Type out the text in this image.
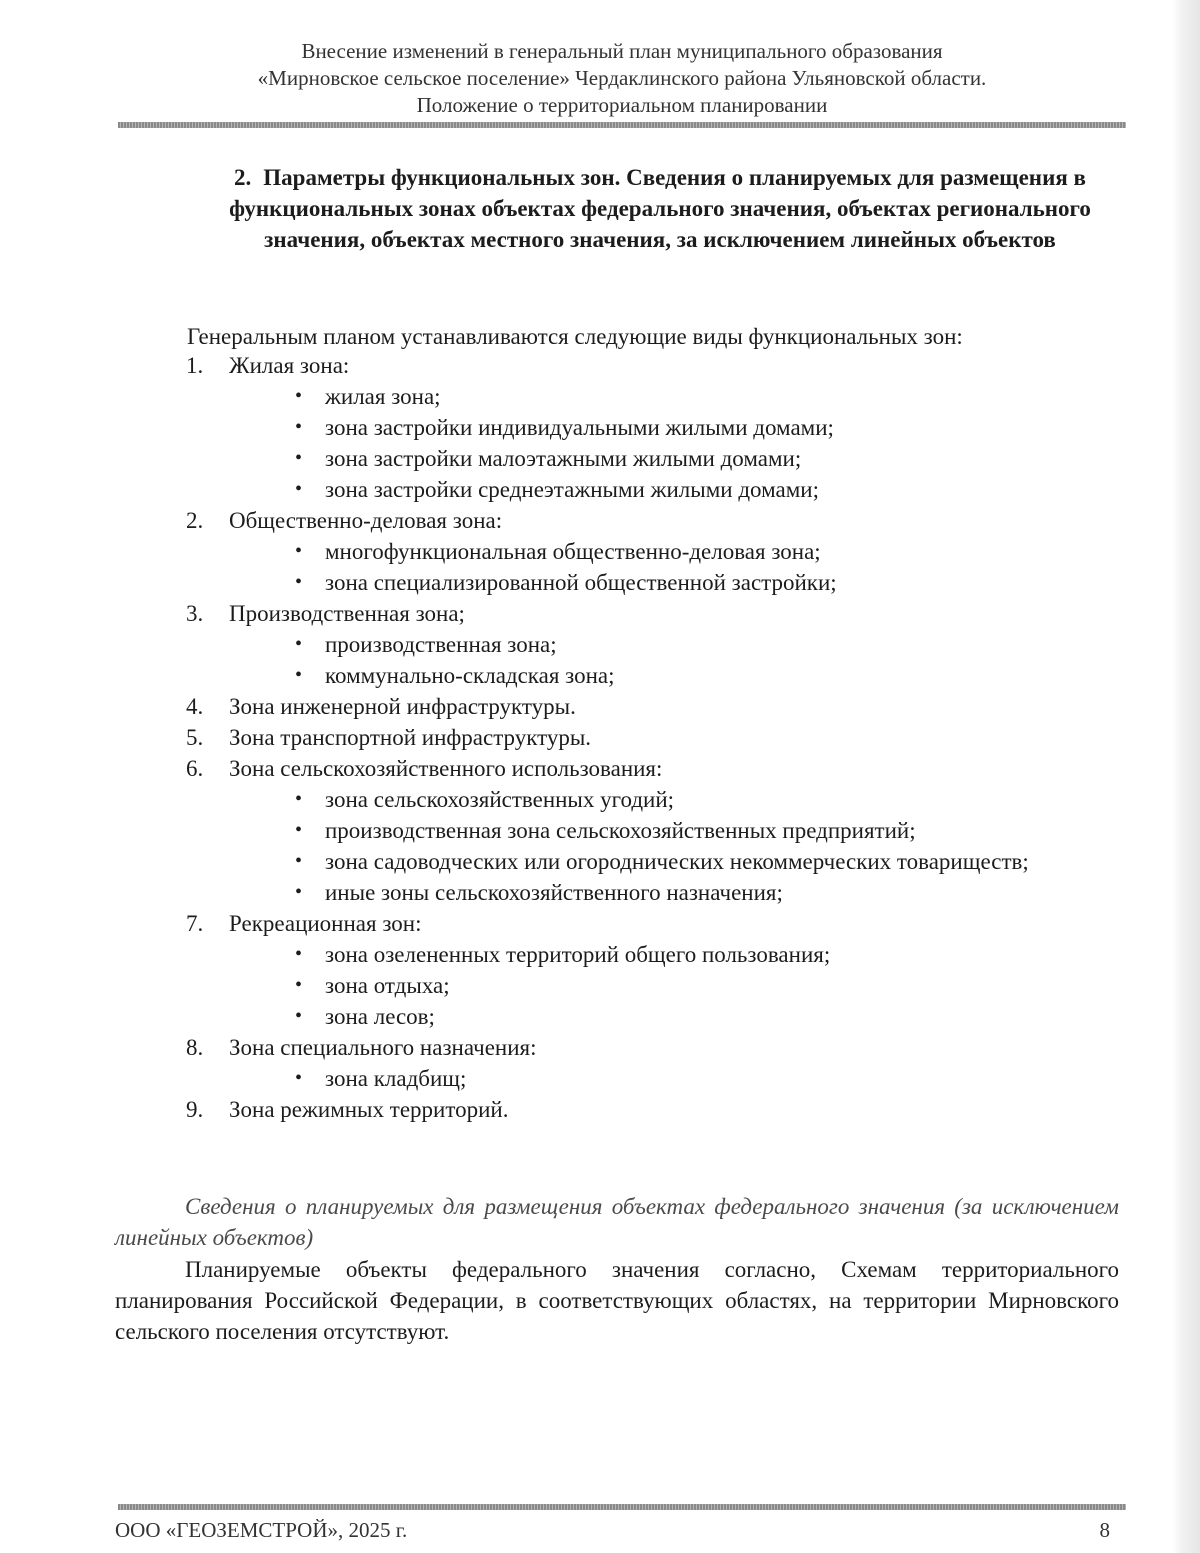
Внесение изменений в генеральный план муниципального образования
«Мирновское сельское поселение» Чердаклинского района Ульяновской области.
Положение о территориальном планировании
2. Параметры функциональных зон. Сведения о планируемых для размещения в функциональных зонах объектах федерального значения, объектах регионального значения, объектах местного значения, за исключением линейных объектов
Генеральным планом устанавливаются следующие виды функциональных зон:
1. Жилая зона:
• жилая зона;
• зона застройки индивидуальными жилыми домами;
• зона застройки малоэтажными жилыми домами;
• зона застройки среднеэтажными жилыми домами;
2. Общественно-деловая зона:
• многофункциональная общественно-деловая зона;
• зона специализированной общественной застройки;
3. Производственная зона;
• производственная зона;
• коммунально-складская зона;
4. Зона инженерной инфраструктуры.
5. Зона транспортной инфраструктуры.
6. Зона сельскохозяйственного использования:
• зона сельскохозяйственных угодий;
• производственная зона сельскохозяйственных предприятий;
• зона садоводческих или огороднических некоммерческих товариществ;
• иные зоны сельскохозяйственного назначения;
7. Рекреационная зон:
• зона озелененных территорий общего пользования;
• зона отдыха;
• зона лесов;
8. Зона специального назначения:
• зона кладбищ;
9. Зона режимных территорий.
Сведения о планируемых для размещения объектах федерального значения (за исключением линейных объектов)
Планируемые объекты федерального значения согласно, Схемам территориального планирования Российской Федерации, в соответствующих областях, на территории Мирновского сельского поселения отсутствуют.
ООО «ГЕОЗЕМСТРОЙ», 2025 г.	8
